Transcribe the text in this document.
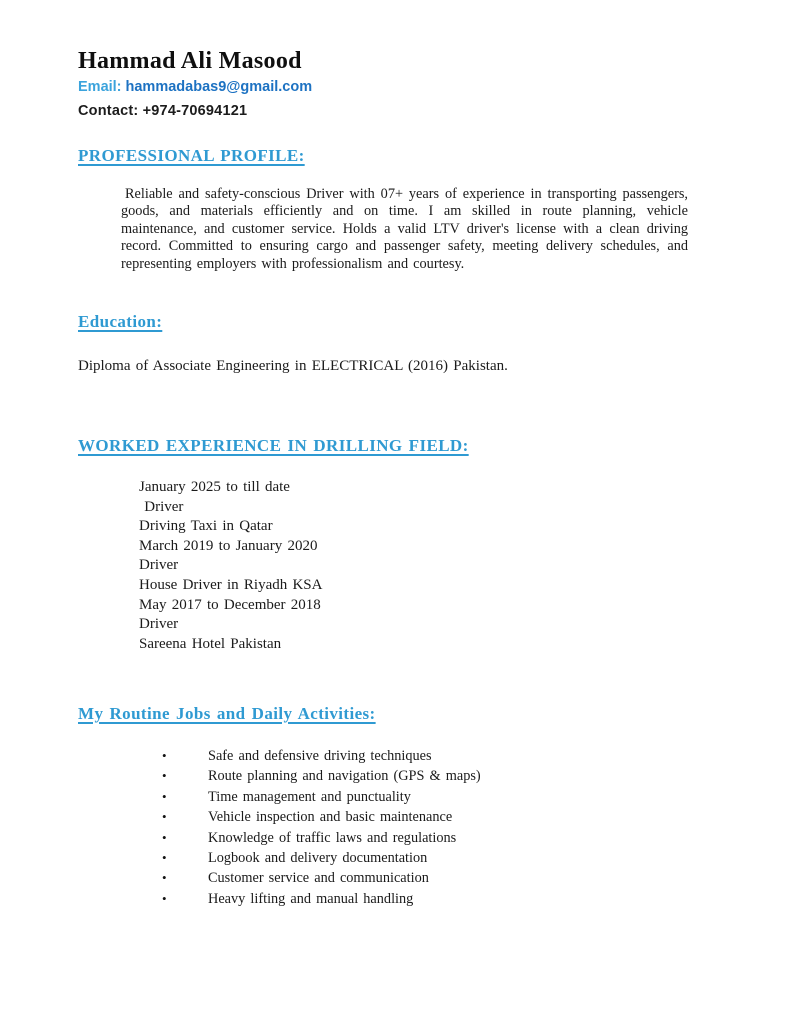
Hammad Ali Masood
Email: hammadabas9@gmail.com
Contact: +974-70694121
PROFESSIONAL PROFILE:
Reliable and safety-conscious Driver with 07+ years of experience in transporting passengers, goods, and materials efficiently and on time. I am skilled in route planning, vehicle maintenance, and customer service. Holds a valid LTV driver's license with a clean driving record. Committed to ensuring cargo and passenger safety, meeting delivery schedules, and representing employers with professionalism and courtesy.
Education:
Diploma of Associate Engineering in ELECTRICAL (2016) Pakistan.
WORKED EXPERIENCE IN DRILLING FIELD:
January 2025 to till date
Driver
Driving Taxi in Qatar
March 2019 to January 2020
Driver
House Driver in Riyadh KSA
May 2017 to December 2018
Driver
Sareena Hotel Pakistan
My Routine Jobs and Daily Activities:
•	Safe and defensive driving techniques
•	Route planning and navigation (GPS & maps)
•	Time management and punctuality
•	Vehicle inspection and basic maintenance
•	Knowledge of traffic laws and regulations
•	Logbook and delivery documentation
•	Customer service and communication
•	Heavy lifting and manual handling
